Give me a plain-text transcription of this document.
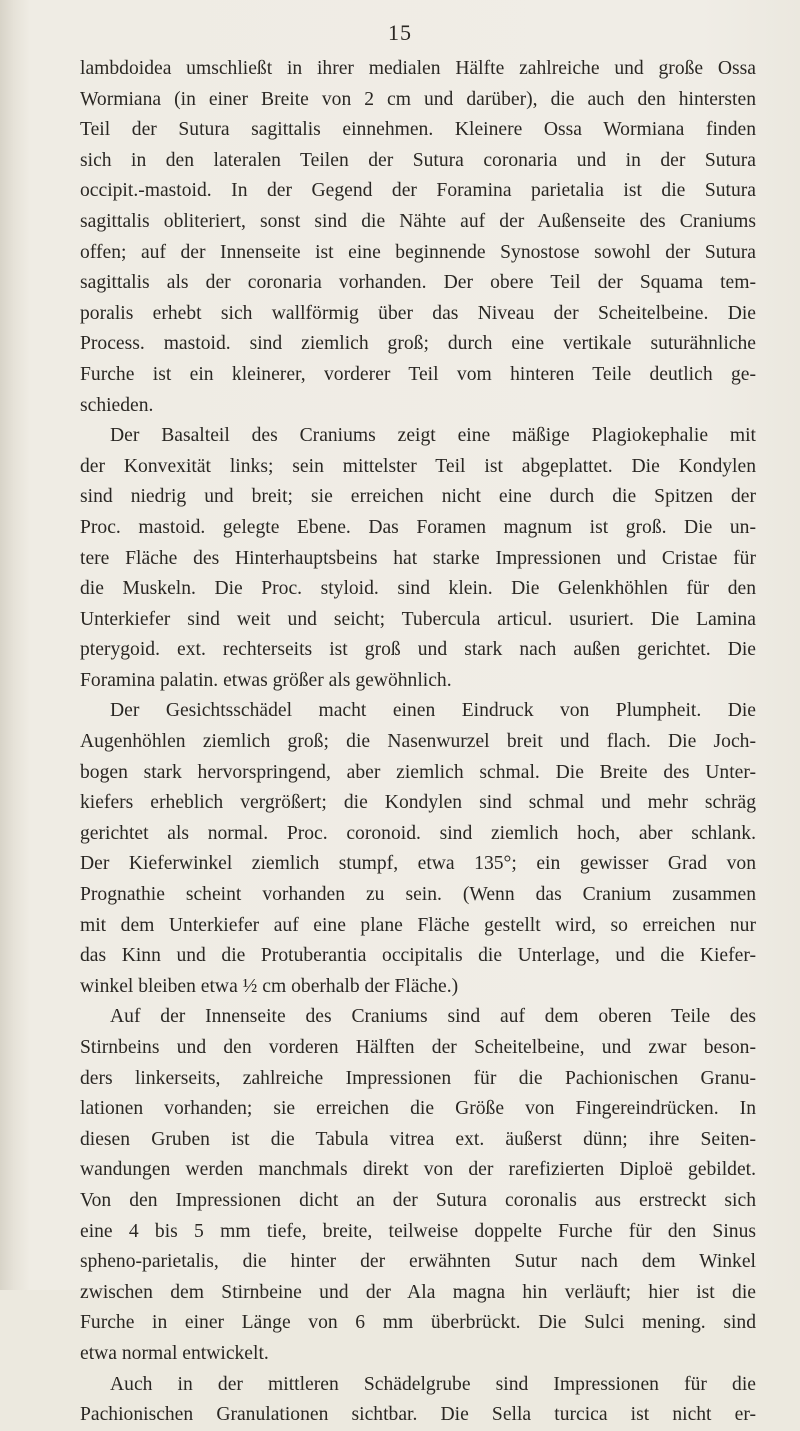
15
lambdoidea umschließt in ihrer medialen Hälfte zahlreiche und große Ossa
Wormiana (in einer Breite von 2 cm und darüber), die auch den hintersten
Teil der Sutura sagittalis einnehmen. Kleinere Ossa Wormiana finden
sich in den lateralen Teilen der Sutura coronaria und in der Sutura
occipit.-mastoid. In der Gegend der Foramina parietalia ist die Sutura
sagittalis obliteriert, sonst sind die Nähte auf der Außenseite des Craniums
offen; auf der Innenseite ist eine beginnende Synostose sowohl der Sutura
sagittalis als der coronaria vorhanden. Der obere Teil der Squama tem-
poralis erhebt sich wallförmig über das Niveau der Scheitelbeine. Die
Process. mastoid. sind ziemlich groß; durch eine vertikale suturähnliche
Furche ist ein kleinerer, vorderer Teil vom hinteren Teile deutlich ge-
schieden.
Der Basalteil des Craniums zeigt eine mäßige Plagiokephalie mit
der Konvexität links; sein mittelster Teil ist abgeplattet. Die Kondylen
sind niedrig und breit; sie erreichen nicht eine durch die Spitzen der
Proc. mastoid. gelegte Ebene. Das Foramen magnum ist groß. Die un-
tere Fläche des Hinterhauptsbeins hat starke Impressionen und Cristae für
die Muskeln. Die Proc. styloid. sind klein. Die Gelenkhöhlen für den
Unterkiefer sind weit und seicht; Tubercula articul. usuriert. Die Lamina
pterygoid. ext. rechterseits ist groß und stark nach außen gerichtet. Die
Foramina palatin. etwas größer als gewöhnlich.
Der Gesichtsschädel macht einen Eindruck von Plumpheit. Die
Augenhöhlen ziemlich groß; die Nasenwurzel breit und flach. Die Joch-
bogen stark hervorspringend, aber ziemlich schmal. Die Breite des Unter-
kiefers erheblich vergrößert; die Kondylen sind schmal und mehr schräg
gerichtet als normal. Proc. coronoid. sind ziemlich hoch, aber schlank.
Der Kieferwinkel ziemlich stumpf, etwa 135°; ein gewisser Grad von
Prognathie scheint vorhanden zu sein. (Wenn das Cranium zusammen
mit dem Unterkiefer auf eine plane Fläche gestellt wird, so erreichen nur
das Kinn und die Protuberantia occipitalis die Unterlage, und die Kiefer-
winkel bleiben etwa ½ cm oberhalb der Fläche.)
Auf der Innenseite des Craniums sind auf dem oberen Teile des
Stirnbeins und den vorderen Hälften der Scheitelbeine, und zwar beson-
ders linkerseits, zahlreiche Impressionen für die Pachionischen Granu-
lationen vorhanden; sie erreichen die Größe von Fingereindrücken. In
diesen Gruben ist die Tabula vitrea ext. äußerst dünn; ihre Seiten-
wandungen werden manchmals direkt von der rarefizierten Diploë gebildet.
Von den Impressionen dicht an der Sutura coronalis aus erstreckt sich
eine 4 bis 5 mm tiefe, breite, teilweise doppelte Furche für den Sinus
spheno-parietalis, die hinter der erwähnten Sutur nach dem Winkel
zwischen dem Stirnbeine und der Ala magna hin verläuft; hier ist die
Furche in einer Länge von 6 mm überbrückt. Die Sulci mening. sind
etwa normal entwickelt.
Auch in der mittleren Schädelgrube sind Impressionen für die
Pachionischen Granulationen sichtbar. Die Sella turcica ist nicht er-
